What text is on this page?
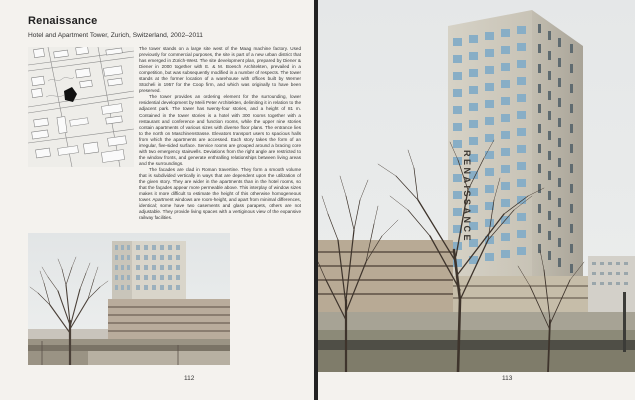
Renaissance
Hotel and Apartment Tower, Zurich, Switzerland, 2002–2011

The tower stands on a large site west of the Maag machine factory. Used previously for commercial purposes, the site is part of a new urban district that has emerged in Zürich-West. The site development plan, prepared by Diener & Diener in 2000 together with E. & M. Boesch Architekten, prevailed in a competition, but was subsequently modified in a number of respects. The tower stands at the former location of a warehouse with offices built by Werner Stücheli in 1957 for the Coop firm, and which was originally to have been preserved.

The tower provides an ordering element for the surrounding, lower residential development by Meili Peter Architekten, delimiting it in relation to the adjacent park. The tower has twenty-four stories, and a height of 81 m. Contained in the tower stories is a hotel with 300 rooms together with a restaurant and conference and function rooms, while the upper nine stories contain apartments of various sizes with diverse floor plans. The entrance lies to the north on Maschinenstrasse. Elevators transport users to spacious halls from which the apartments are accessed. Each story takes the form of an irregular, five-sided surface. Service rooms are grouped around a bracing core with two emergency stairwells. Deviations from the right angle are restricted to the window fronts, and generate enthralling relationships between living areas and the surroundings.

The facades are clad in Roman travertine. They form a smooth volume that is subdivided vertically in ways that are dependent upon the utilization of the given story. They are wider in the apartments than in the hotel rooms, so that the façades appear more permeable above. This interplay of window sizes makes it more difficult to estimate the height of this otherwise homogeneous tower. Apartment windows are room-height, and apart from minimal differences, identical; some have two casements and glass parapets, others are not adjustable. They provide living spaces with a vertiginous view of the expansive railway facilities.

112
RENAISSANCE
113
